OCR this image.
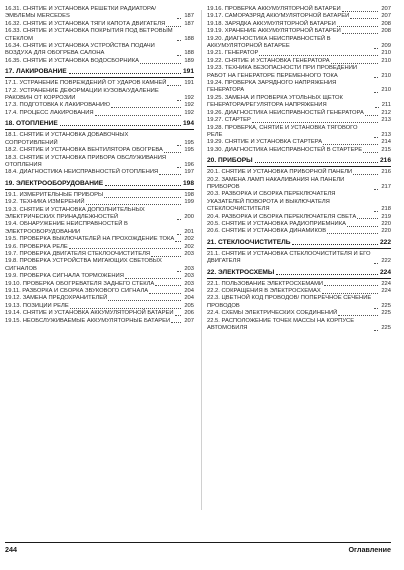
16.31. СНЯТИЕ И УСТАНОВКА РЕШЕТКИ РАДИАТОРА/ ЭМБЛЕМЫ MERCEDES	187
16.32. СНЯТИЕ И УСТАНОВКА ТЯГИ КАПОТА ДВИГАТЕЛЯ	187
16.33. СНЯТИЕ И УСТАНОВКА ПОКРЫТИЯ ПОД ВЕТРОВЫМ СТЕКЛОМ	188
16.34. СНЯТИЕ И УСТАНОВКА УСТРОЙСТВА ПОДАЧИ ВОЗДУХА ДЛЯ ОБОГРЕВА САЛОНА	188
16.35. СНЯТИЕ И УСТАНОВКА ВОДОСБОРНИКА	189
17. ЛАКИРОВАНИЕ	191
17.1. УСТРАНЕНИЕ ПОВРЕЖДЕНИЙ ОТ УДАРОВ КАМНЕЙ	191
17.2. УСТРАНЕНИЕ ДЕФОРМАЦИИ КУЗОВА/УДАЛЕНИЕ РАКОВИН ОТ КОРРОЗИИ	192
17.3. ПОДГОТОВКА К ЛАКИРОВАНИЮ	192
17.4. ПРОЦЕСС ЛАКИРОВАНИЯ	192
18. ОТОПЛЕНИЕ	194
18.1. СНЯТИЕ И УСТАНОВКА ДОБАВОЧНЫХ СОПРОТИВЛЕНИЙ	195
18.2. СНЯТИЕ И УСТАНОВКА ВЕНТИЛЯТОРА ОБОГРЕВА	195
18.3. СНЯТИЕ И УСТАНОВКА ПРИБОРА ОБСЛУЖИВАНИЯ ОТОПЛЕНИЯ	196
18.4. ДИАГНОСТИКА НЕИСПРАВНОСТЕЙ ОТОПЛЕНИЯ	197
19. ЭЛЕКТРООБОРУДОВАНИЕ	198
19.1. ИЗМЕРИТЕЛЬНЫЕ ПРИБОРЫ	198
19.2. ТЕХНИКА ИЗМЕРЕНИЙ	199
19.3. СНЯТИЕ И УСТАНОВКА ДОПОЛНИТЕЛЬНЫХ ЭЛЕКТРИЧЕСКИХ ПРИНАДЛЕЖНОСТЕЙ	200
19.4. ОБНАРУЖЕНИЕ НЕИСПРАВНОСТЕЙ В ЭЛЕКТРООБОРУДОВАНИИ	201
19.5. ПРОВЕРКА ВЫКЛЮЧАТЕЛЕЙ НА ПРОХОЖДЕНИЕ ТОКА	202
19.6. ПРОВЕРКА РЕЛЕ	202
19.7. ПРОВЕРКА ДВИГАТЕЛЯ СТЕКЛООЧИСТИТЕЛЯ	203
19.8. ПРОВЕРКА УСТРОЙСТВА МИГАЮЩИХ СВЕТОВЫХ СИГНАЛОВ	203
19.9. ПРОВЕРКА СИГНАЛА ТОРМОЖЕНИЯ	203
19.10. ПРОВЕРКА ОБОГРЕВАТЕЛЯ ЗАДНЕГО СТЕКЛА	203
19.11. РАЗБОРКА И СБОРКА ЗВУКОВОГО СИГНАЛА	204
19.12. ЗАМЕНА ПРЕДОХРАНИТЕЛЕЙ	204
19.13. ПОЗИЦИИ РЕЛЕ	205
19.14. СНЯТИЕ И УСТАНОВКА АККУМУЛЯТОРНОЙ БАТАРЕИ	206
19.15. НЕОБСЛУЖИВАЕМЫЕ АККУМУЛЯТОРНЫЕ БАТАРЕИ	207
19.16. ПРОВЕРКА АККУМУЛЯТОРНОЙ БАТАРЕИ	207
19.17. САМОРАЗРЯД АККУМУЛЯТОРНОЙ БАТАРЕИ	207
19.18. ЗАРЯДКА АККУМУЛЯТОРНОЙ БАТАРЕИ	208
19.19. ХРАНЕНИЕ АККУМУЛЯТОРНОЙ БАТАРЕИ	208
19.20. ДИАГНОСТИКА НЕИСПРАВНОСТЕЙ В АККУМУЛЯТОРНОЙ БАТАРЕЕ	209
19.21. ГЕНЕРАТОР	210
19.22. СНЯТИЕ И УСТАНОВКА ГЕНЕРАТОРА	210
19.23. ТЕХНИКА БЕЗОПАСНОСТИ ПРИ ПРОВЕДЕНИИ РАБОТ НА ГЕНЕРАТОРЕ ПЕРЕМЕННОГО ТОКА	210
19.24. ПРОВЕРКА ЗАРЯДНОГО НАПРЯЖЕНИЯ ГЕНЕРАТОРА	210
19.25. ЗАМЕНА И ПРОВЕРКА УГОЛЬНЫХ ЩЕТОК ГЕНЕРАТОРА/РЕГУЛЯТОРА НАПРЯЖЕНИЯ	211
19.26. ДИАГНОСТИКА НЕИСПРАВНОСТЕЙ ГЕНЕРАТОРА	212
19.27. СТАРТЕР	213
19.28. ПРОВЕРКА, СНЯТИЕ И УСТАНОВКА ТЯГОВОГО РЕЛЕ	213
19.29. СНЯТИЕ И УСТАНОВКА СТАРТЕРА	214
19.30. ДИАГНОСТИКА НЕИСПРАВНОСТЕЙ В СТАРТЕРЕ	215
20. ПРИБОРЫ	216
20.1. СНЯТИЕ И УСТАНОВКА ПРИБОРНОЙ ПАНЕЛИ	216
20.2. ЗАМЕНА ЛАМП НАКАЛИВАНИЯ НА ПАНЕЛИ ПРИБОРОВ	217
20.3. РАЗБОРКА И СБОРКА ПЕРЕКЛЮЧАТЕЛЯ УКАЗАТЕЛЕЙ ПОВОРОТА И ВЫКЛЮЧАТЕЛЯ СТЕКЛООЧИСТИТЕЛЯ	218
20.4. РАЗБОРКА И СБОРКА ПЕРЕКЛЮЧАТЕЛЯ СВЕТА	219
20.5. СНЯТИЕ И УСТАНОВКА РАДИОПРИЕМНИКА	220
20.6. СНЯТИЕ И УСТАНОВКА ДИНАМИКОВ	220
21. СТЕКЛООЧИСТИТЕЛЬ	222
21.1. СНЯТИЕ И УСТАНОВКА СТЕКЛООЧИСТИТЕЛЯ И ЕГО ДВИГАТЕЛЯ	222
22. ЭЛЕКТРОСХЕМЫ	224
22.1. ПОЛЬЗОВАНИЕ ЭЛЕКТРОСХЕМАМИ	224
22.2. СОКРАЩЕНИЯ В ЭЛЕКТРОСХЕМАХ	224
22.3. ЦВЕТНОЙ КОД ПРОВОДОВ/ ПОПЕРЕЧНОЕ СЕЧЕНИЕ ПРОВОДОВ	225
22.4. СХЕМЫ ЭЛЕКТРИЧЕСКИХ СОЕДИНЕНИЙ	225
22.5. РАСПОЛОЖЕНИЕ ТОЧЕК МАССЫ НА КОРПУСЕ АВТОМОБИЛЯ	225
244	Оглавление
